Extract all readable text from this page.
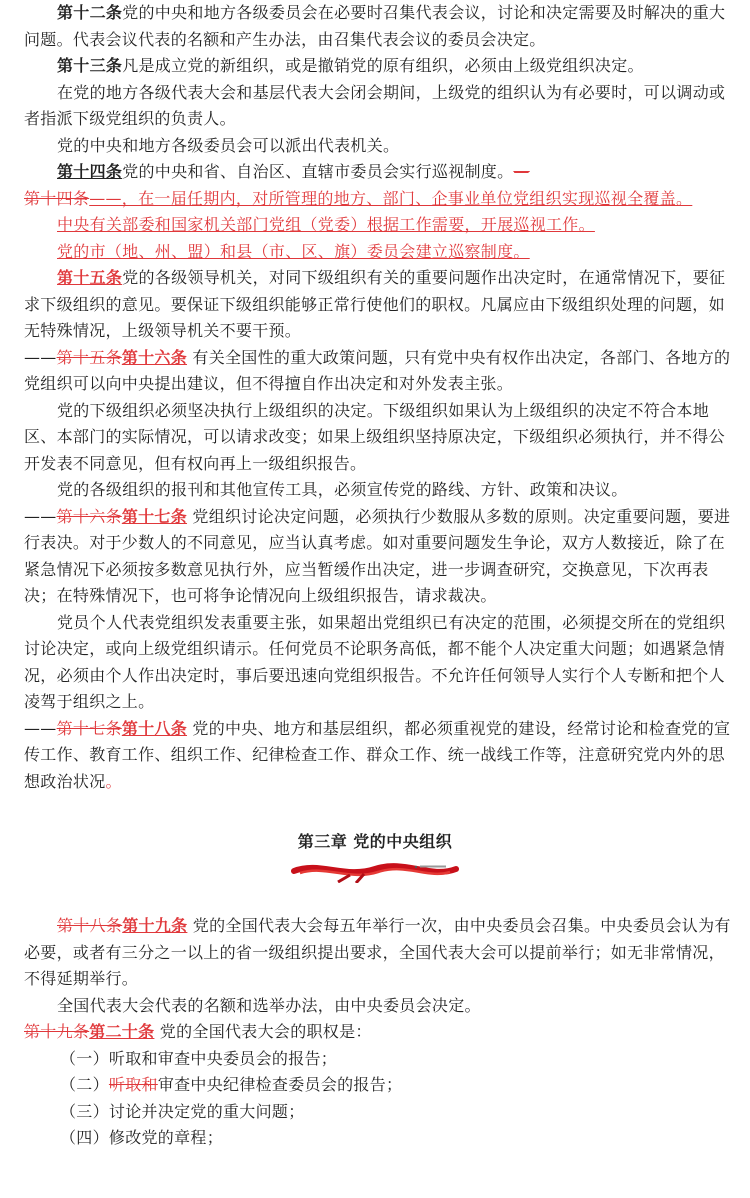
第十二条党的中央和地方各级委员会在必要时召集代表会议，讨论和决定需要及时解决的重大问题。代表会议代表的名额和产生办法，由召集代表会议的委员会决定。

第十三条凡是成立党的新组织，或是撤销党的原有组织，必须由上级党组织决定。

在党的地方各级代表大会和基层代表大会闭会期间，上级党的组织认为有必要时，可以调动或者指派下级党组织的负责人。

党的中央和地方各级委员会可以派出代表机关。

第十四条党的中央和省、自治区、直辖市委员会实行巡视制度。—

第十四条——，在一届任期内，对所管理的地方、部门、企事业单位党组织实现巡视全覆盖。

中央有关部委和国家机关部门党组（党委）根据工作需要，开展巡视工作。

党的市（地、州、盟）和县（市、区、旗）委员会建立巡察制度。

第十五条党的各级领导机关，对同下级组织有关的重要问题作出决定时，在通常情况下，要征求下级组织的意见。要保证下级组织能够正常行使他们的职权。凡属应由下级组织处理的问题，如无特殊情况，上级领导机关不要干预。

——第十五条第十六条 有关全国性的重大政策问题，只有党中央有权作出决定，各部门、各地方的党组织可以向中央提出建议，但不得擅自作出决定和对外发表主张。

党的下级组织必须坚决执行上级组织的决定。下级组织如果认为上级组织的决定不符合本地区、本部门的实际情况，可以请求改变；如果上级组织坚持原决定，下级组织必须执行，并不得公开发表不同意见，但有权向再上一级组织报告。

党的各级组织的报刊和其他宣传工具，必须宣传党的路线、方针、政策和决议。

——第十六条第十七条 党组织讨论决定问题，必须执行少数服从多数的原则。决定重要问题，要进行表决。对于少数人的不同意见，应当认真考虑。如对重要问题发生争论，双方人数接近，除了在紧急情况下必须按多数意见执行外，应当暂缓作出决定，进一步调查研究，交换意见，下次再表决；在特殊情况下，也可将争论情况向上级组织报告，请求裁决。

党员个人代表党组织发表重要主张，如果超出党组织已有决定的范围，必须提交所在的党组织讨论决定，或向上级党组织请示。任何党员不论职务高低，都不能个人决定重大问题；如遇紧急情况，必须由个人作出决定时，事后要迅速向党组织报告。不允许任何领导人实行个人专断和把个人凌驾于组织之上。

——第十七条第十八条 党的中央、地方和基层组织，都必须重视党的建设，经常讨论和检查党的宣传工作、教育工作、组织工作、纪律检查工作、群众工作、统一战线工作等，注意研究党内外的思想政治状况。

第三章 党的中央组织

第十八条第十九条 党的全国代表大会每五年举行一次，由中央委员会召集。中央委员会认为有必要，或者有三分之一以上的省一级组织提出要求，全国代表大会可以提前举行；如无非常情况，不得延期举行。

全国代表大会代表的名额和选举办法，由中央委员会决定。

第十九条第二十条 党的全国代表大会的职权是：

（一）听取和审查中央委员会的报告；

（二）听取和审查中央纪律检查委员会的报告；

（三）讨论并决定党的重大问题；

（四）修改党的章程；
